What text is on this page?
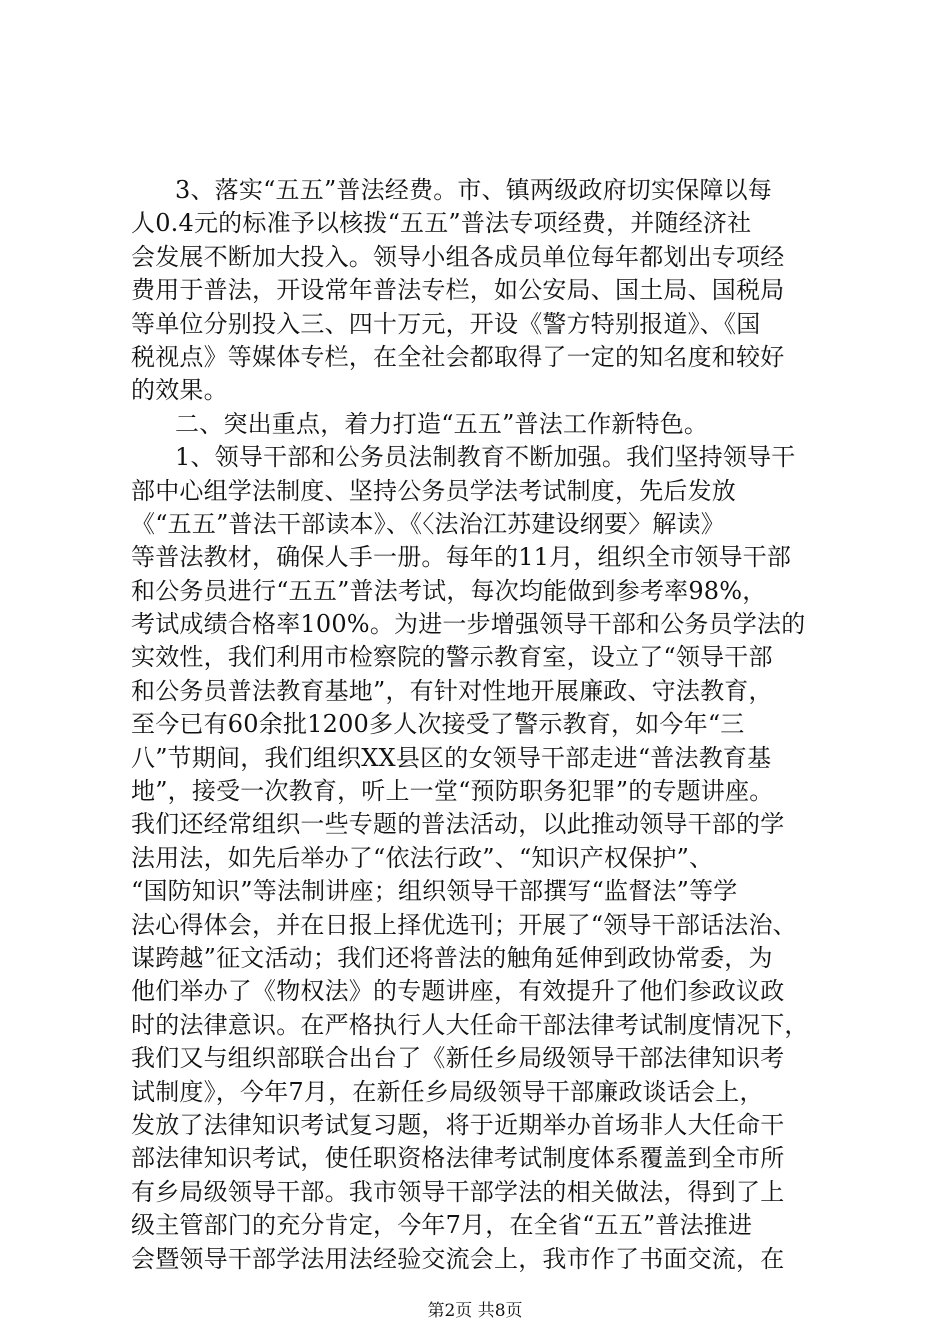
3、落实“五五”普法经费。市、镇两级政府切实保障以每
人0.4元的标准予以核拨“五五”普法专项经费，并随经济社
会发展不断加大投入。领导小组各成员单位每年都划出专项经
费用于普法，开设常年普法专栏，如公安局、国土局、国税局
等单位分别投入三、四十万元，开设《警方特别报道》、《国
税视点》等媒体专栏，在全社会都取得了一定的知名度和较好
的效果。
二、突出重点，着力打造“五五”普法工作新特色。
1、领导干部和公务员法制教育不断加强。我们坚持领导干
部中心组学法制度、坚持公务员学法考试制度，先后发放
《“五五”普法干部读本》、《〈法治江苏建设纲要〉解读》
等普法教材，确保人手一册。每年的11月，组织全市领导干部
和公务员进行“五五”普法考试，每次均能做到参考率98%，
考试成绩合格率100%。为进一步增强领导干部和公务员学法的
实效性，我们利用市检察院的警示教育室，设立了“领导干部
和公务员普法教育基地”，有针对性地开展廉政、守法教育，
至今已有60余批1200多人次接受了警示教育，如今年“三
八”节期间，我们组织XX县区的女领导干部走进“普法教育基
地”，接受一次教育，听上一堂“预防职务犯罪”的专题讲座。
我们还经常组织一些专题的普法活动，以此推动领导干部的学
法用法，如先后举办了“依法行政”、“知识产权保护”、
“国防知识”等法制讲座；组织领导干部撰写“监督法”等学
法心得体会，并在日报上择优选刊；开展了“领导干部话法治、
谋跨越”征文活动；我们还将普法的触角延伸到政协常委，为
他们举办了《物权法》的专题讲座，有效提升了他们参政议政
时的法律意识。在严格执行人大任命干部法律考试制度情况下，
我们又与组织部联合出台了《新任乡局级领导干部法律知识考
试制度》，今年7月，在新任乡局级领导干部廉政谈话会上，
发放了法律知识考试复习题，将于近期举办首场非人大任命干
部法律知识考试，使任职资格法律考试制度体系覆盖到全市所
有乡局级领导干部。我市领导干部学法的相关做法，得到了上
级主管部门的充分肯定，今年7月，在全省“五五”普法推进
会暨领导干部学法用法经验交流会上，我市作了书面交流，在
第2页 共8页
